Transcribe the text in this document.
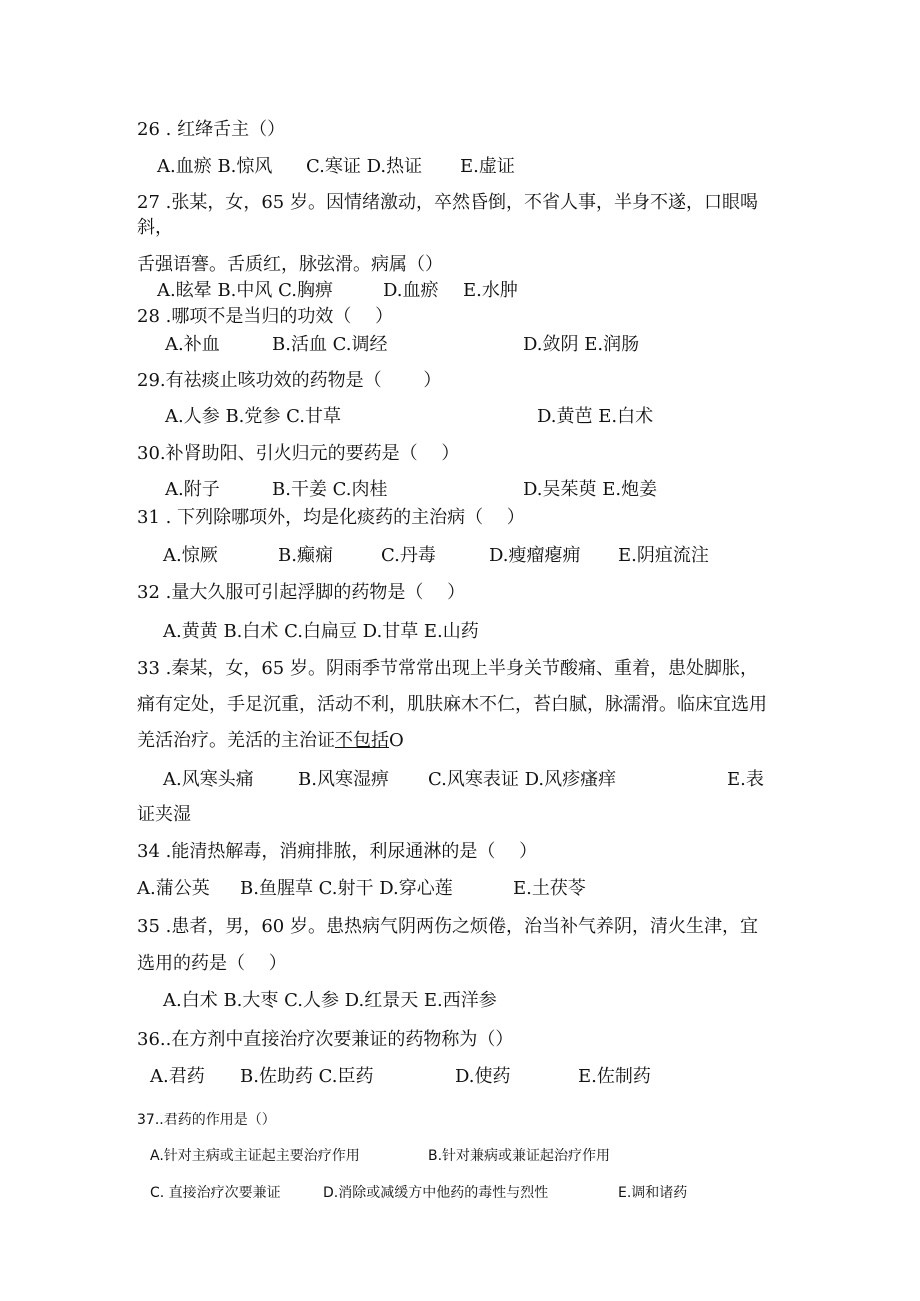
26 . 红绛舌主（）
A.血瘀 B.惊风 C.寒证 D.热证 E.虚证
27 .张某，女，65 岁。因情绪激动，卒然昏倒，不省人事，半身不遂，口眼喝
斜，
舌强语謇。舌质红，脉弦滑。病属（）
A.眩晕 B.中风 C.胸痹	D.血瘀 E.水肿
28 .哪项不是当归的功效（　 ）
A.补血	B.活血 C.调经	D.敛阴 E.润肠
29.有祛痰止咳功效的药物是（　　 ）
A.人参 B.党参 C.甘草	D.黄芭 E.白术
30.补肾助阳、引火归元的要药是（　 ）
A.附子	B.干姜 C.肉桂	D.吴茱萸 E.炮姜
31 . 下列除哪项外，均是化痰药的主治病（　 ）
A.惊厥	B.癫痫	C.丹毒	D.瘦瘤瘪痈 E.阴疽流注
32 .量大久服可引起浮脚的药物是（　 ）
A.黄黄 B.白术 C.白扁豆 D.甘草 E.山药
33 .秦某，女，65 岁。阴雨季节常常出现上半身关节酸痛、重着，患处脚胀，
痛有定处，手足沉重，活动不利，肌肤麻木不仁，苔白腻，脉濡滑。临床宜选用
羌活治疗。羌活的主治证不包括O
A.风寒头痛 B.风寒湿痹 C.风寒表证 D.风疹瘙痒	E.表
证夹湿
34 .能清热解毒，消痈排脓，利尿通淋的是（　 ）
A.蒲公英 B.鱼腥草 C.射干 D.穿心莲	E.土茯苓
35 .患者，男，60 岁。患热病气阴两伤之烦倦，治当补气养阴，清火生津，宜
选用的药是（　 ）
A.白术 B.大枣 C.人参 D.红景天 E.西洋参
36..在方剂中直接治疗次要兼证的药物称为（）
A.君药 B.佐助药 C.臣药	D.使药	E.佐制药
37..君药的作用是（）
A.针对主病或主证起主要治疗作用	B.针对兼病或兼证起治疗作用
C. 直接治疗次要兼证	D.消除或减缓方中他药的毒性与烈性	E.调和诸药
